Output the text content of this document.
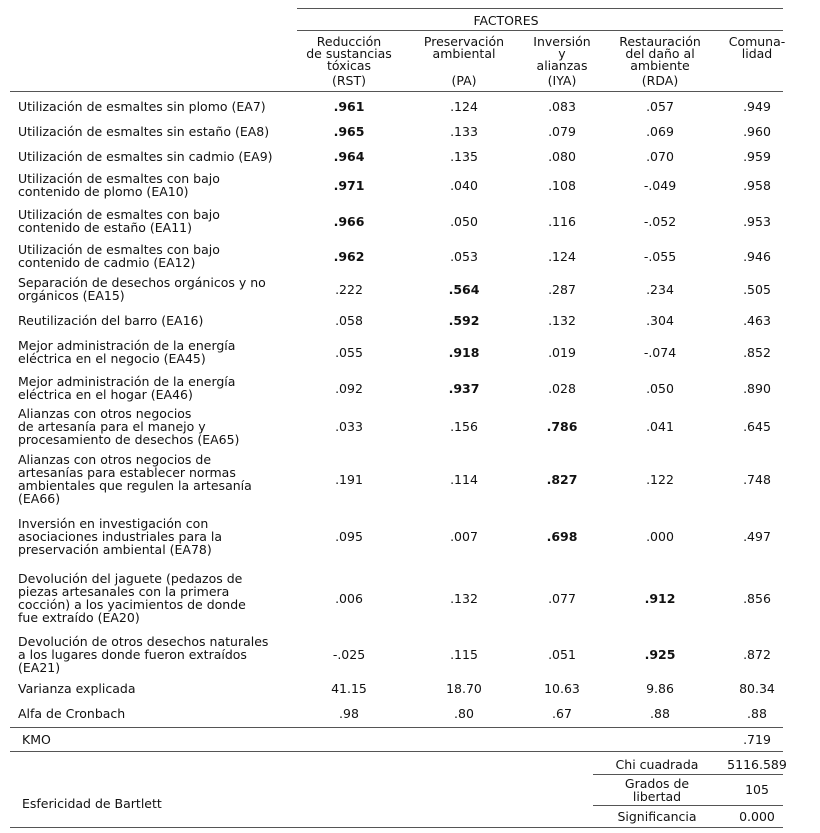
FACTORES
Reducción
de sustancias
tóxicas
(RST)
Preservación
ambiental
(PA)
Inversión
y
alianzas
(IYA)
Restauración
del daño al
ambiente
(RDA)
Comuna-
lidad
Utilización de esmaltes sin plomo (EA7)	.961	.124	.083	.057	.949
Utilización de esmaltes sin estaño (EA8)	.965	.133	.079	.069	.960
Utilización de esmaltes sin cadmio (EA9)	.964	.135	.080	.070	.959
Utilización de esmaltes con bajo
contenido de plomo (EA10)	.971	.040	.108	-.049	.958
Utilización de esmaltes con bajo
contenido de estaño (EA11)	.966	.050	.116	-.052	.953
Utilización de esmaltes con bajo
contenido de cadmio (EA12)	.962	.053	.124	-.055	.946
Separación de desechos orgánicos y no
orgánicos (EA15)	.222	.564	.287	.234	.505
Reutilización del barro (EA16)	.058	.592	.132	.304	.463
Mejor administración de la energía
eléctrica en el negocio (EA45)	.055	.918	.019	-.074	.852
Mejor administración de la energía
eléctrica en el hogar (EA46)	.092	.937	.028	.050	.890
Alianzas con otros negocios
de artesanía para el manejo y
procesamiento de desechos (EA65)
.033	.156	.786	.041	.645
Alianzas con otros negocios de
artesanías para establecer normas
ambientales que regulen la artesanía
(EA66)
.191	.114	.827	.122	.748
Inversión en investigación con
asociaciones industriales para la
preservación ambiental (EA78)
.095	.007	.698	.000	.497
Devolución del jaguete (pedazos de
piezas artesanales con la primera
cocción) a los yacimientos de donde
fue extraído (EA20)
.006	.132	.077	.912	.856
Devolución de otros desechos naturales
a los lugares donde fueron extraídos
(EA21)
-.025	.115	.051	.925	.872
Varianza explicada	41.15	18.70	10.63	9.86	80.34
Alfa de Cronbach	.98	.80	.67	.88	.88
KMO	.719
Esfericidad de Bartlett
Chi cuadrada 5116.589
Grados de
libertad	105
Significancia	0.000
